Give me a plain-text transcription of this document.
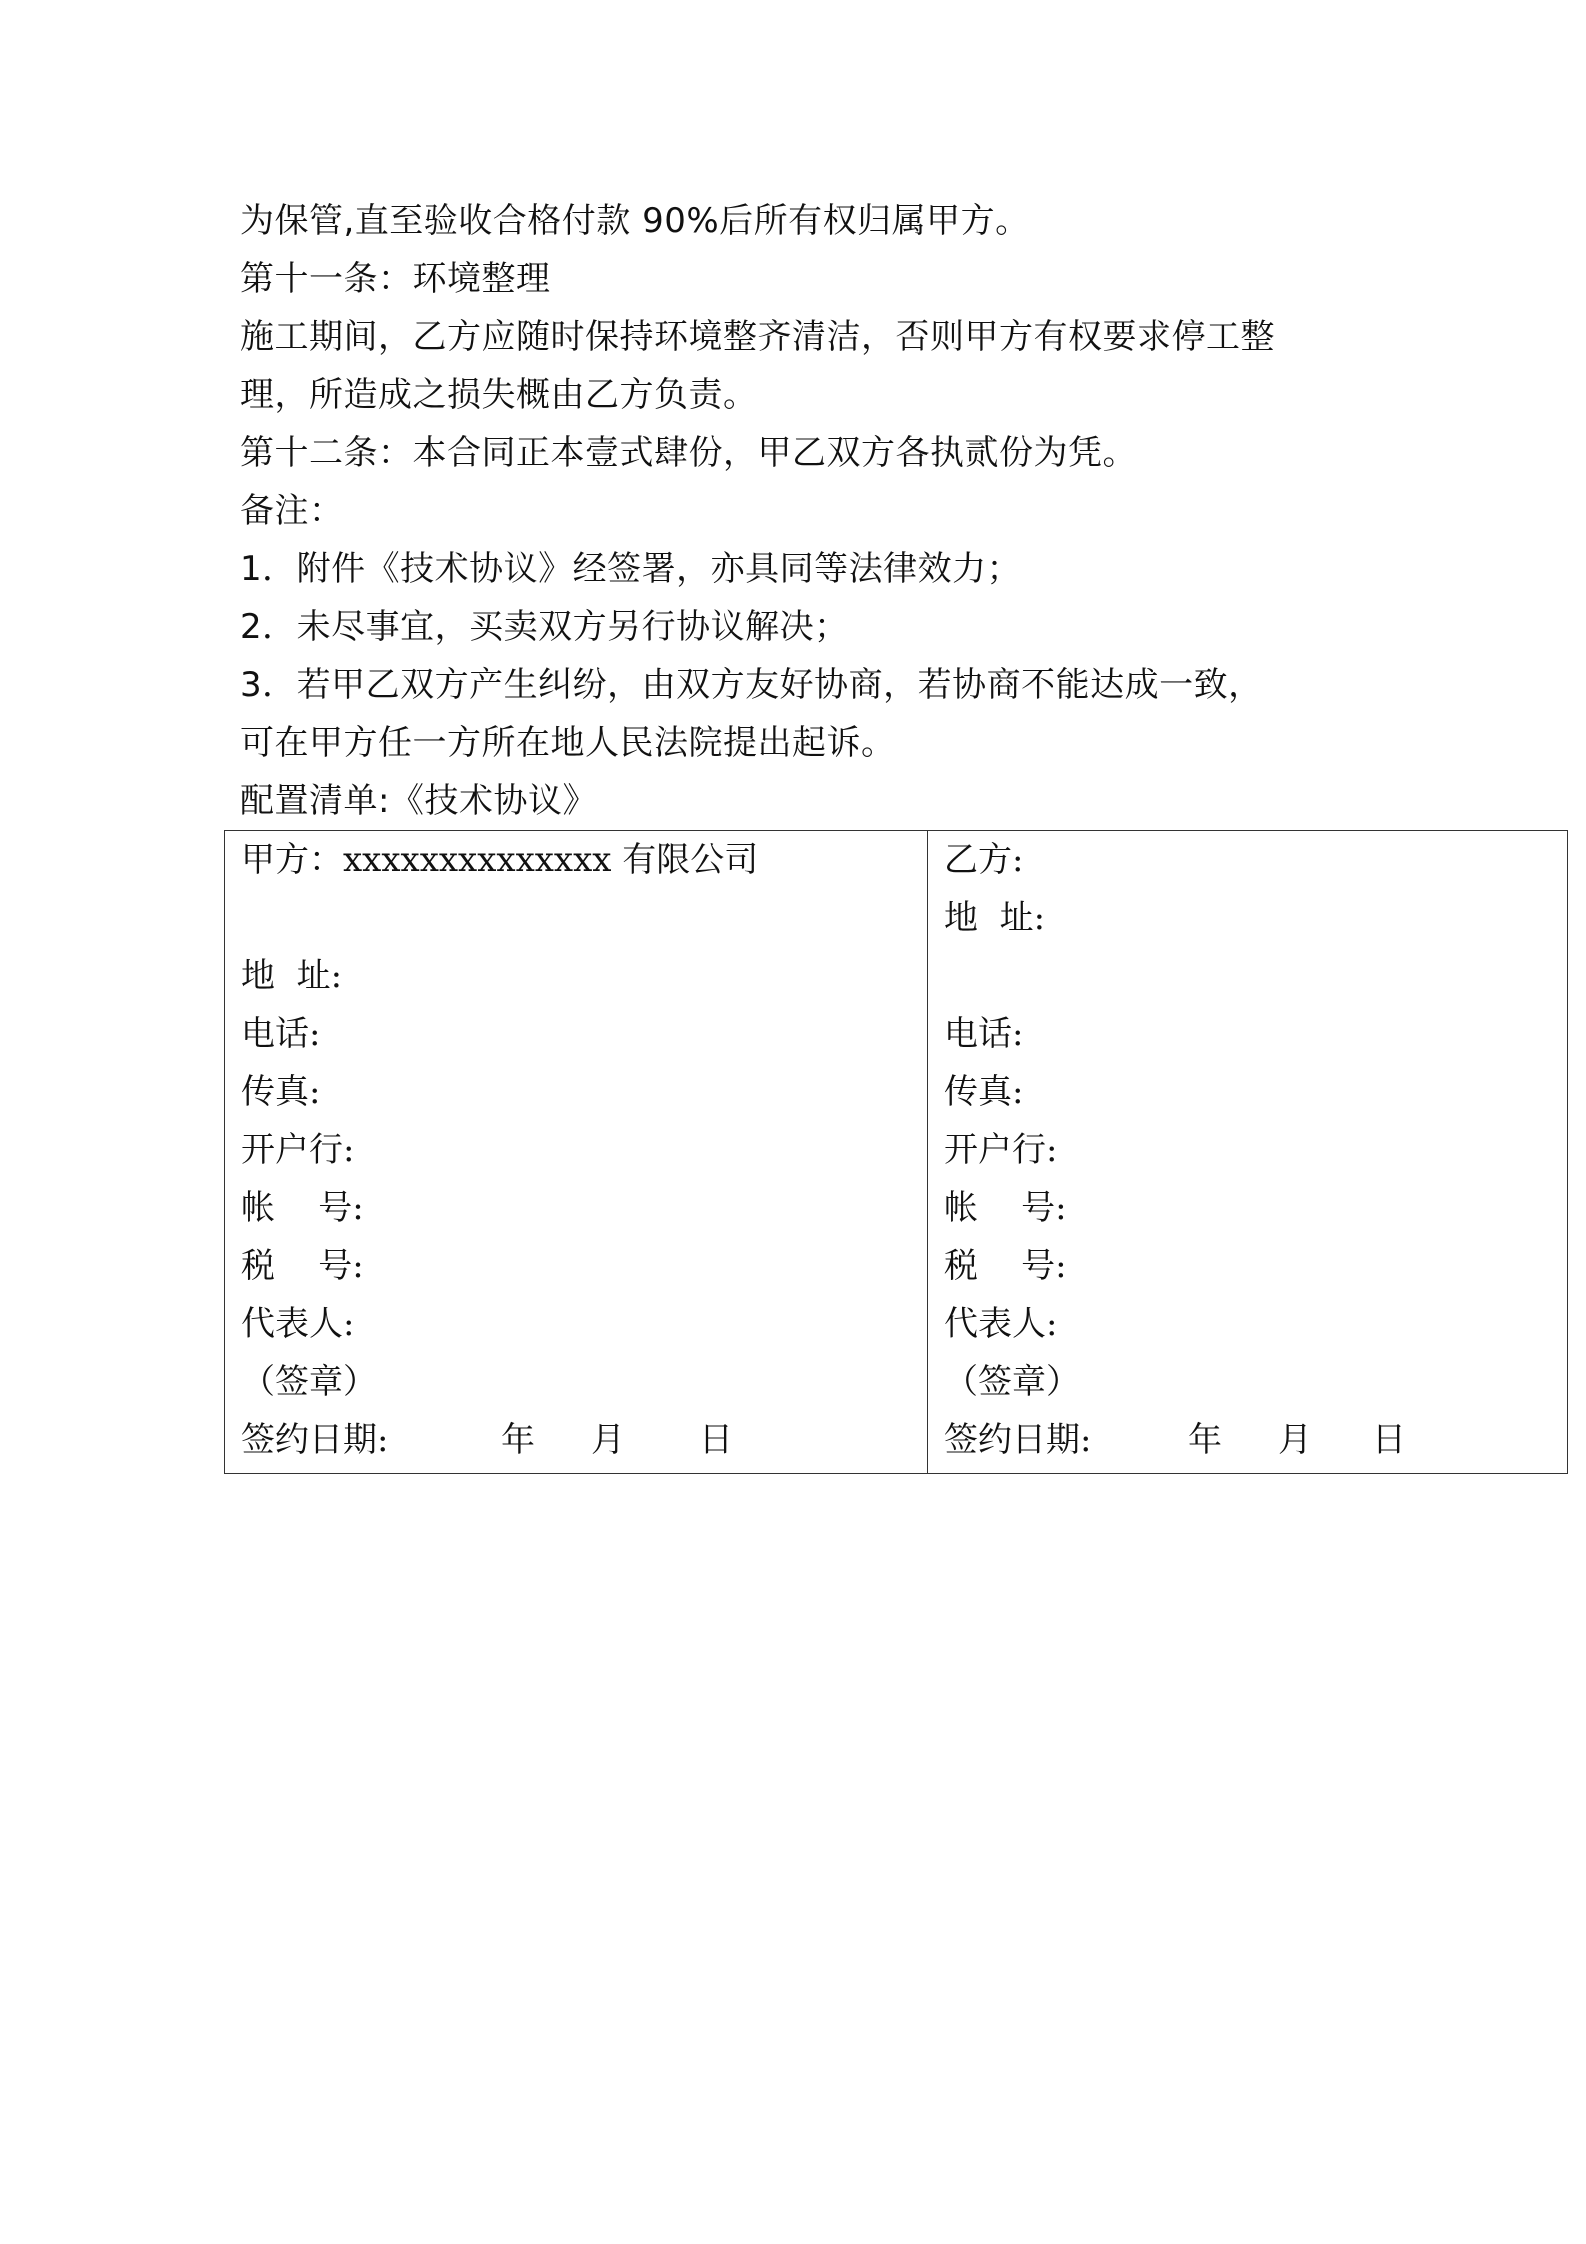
为保管,直至验收合格付款 90%后所有权归属甲方。

第十一条：环境整理

施工期间，乙方应随时保持环境整齐清洁，否则甲方有权要求停工整

理，所造成之损失概由乙方负责。

第十二条：本合同正本壹式肆份，甲乙双方各执贰份为凭。

备注：

1．附件《技术协议》经签署，亦具同等法律效力；

2．未尽事宜，买卖双方另行协议解决；

3．若甲乙双方产生纠纷，由双方友好协商，若协商不能达成一致，

可在甲方任一方所在地人民法院提出起诉。

配置清单:《技术协议》

甲方：xxxxxxxxxxxxxx 有限公司
地  址:
电话:
传真:
开户行:
帐    号:
税    号:
代表人:
（签章）
签约日期:	年 月 日
乙方:
地  址:
电话:
传真:
开户行:
帐    号:
税    号:
代表人:
（签章）
签约日期:	年 月 日
